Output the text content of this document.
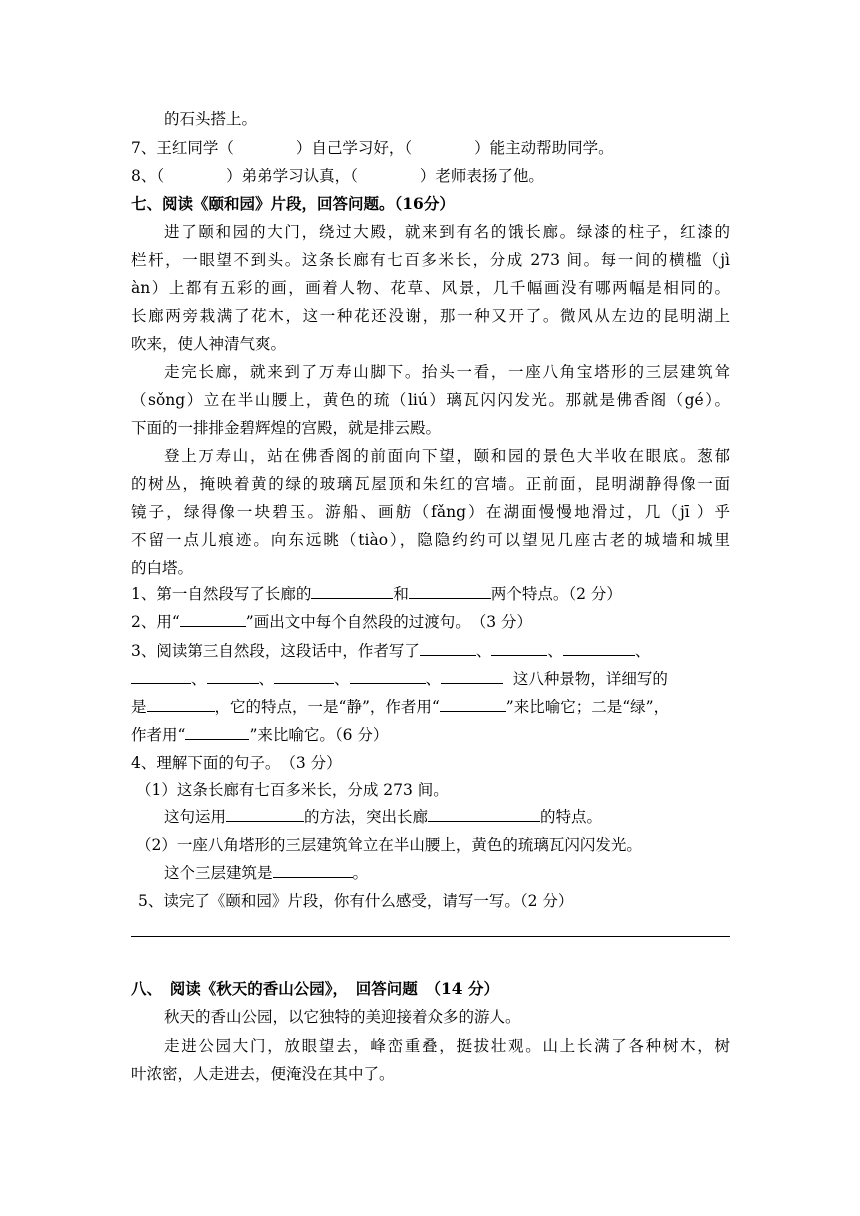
的石头搭上。
7、王红同学（　　　　）自己学习好，（　　　　）能主动帮助同学。
8、（　　　　）弟弟学习认真，（　　　　）老师表扬了他。
七、阅读《颐和园》片段，回答问题。（16分）
进了颐和园的大门，绕过大殿，就来到有名的饿长廊。绿漆的柱子，红漆的
栏杆，一眼望不到头。这条长廊有七百多米长，分成 273 间。每一间的横槛（jì
àn）上都有五彩的画，画着人物、花草、风景，几千幅画没有哪两幅是相同的。
长廊两旁栽满了花木，这一种花还没谢，那一种又开了。微风从左边的昆明湖上
吹来，使人神清气爽。
走完长廊，就来到了万寿山脚下。抬头一看，一座八角宝塔形的三层建筑耸
（sǒng）立在半山腰上，黄色的琉（liú）璃瓦闪闪发光。那就是佛香阁（gé）。
下面的一排排金碧辉煌的宫殿，就是排云殿。
登上万寿山，站在佛香阁的前面向下望，颐和园的景色大半收在眼底。葱郁
的树丛，掩映着黄的绿的玻璃瓦屋顶和朱红的宫墙。正前面，昆明湖静得像一面
镜子，绿得像一块碧玉。游船、画舫（fǎng）在湖面慢慢地滑过，几（jī ）乎
不留一点儿痕迹。向东远眺（tiào），隐隐约约可以望见几座古老的城墙和城里
的白塔。
1、第一自然段写了长廊的	和	两个特点。（2 分）
2、用“	”画出文中每个自然段的过渡句。　（3 分）
3、阅读第三自然段，这段话中，作者写了	、	、	、
、	、	、	、	这八种景物，详细写的
是	，它的特点，一是“静”，作者用“	”来比喻它；二是“绿”，
作者用“	”来比喻它。（6 分）
4、理解下面的句子。　（3 分）
（1）这条长廊有七百多米长，分成 273 间。
这句运用	的方法，突出长廊	的特点。
（2）一座八角塔形的三层建筑耸立在半山腰上，黄色的琉璃瓦闪闪发光。
这个三层建筑是	。
5、读完了《颐和园》片段，你有什么感受，请写一写。（2 分）
八、　阅读《秋天的香山公园》，　回答问题　（14 分）
秋天的香山公园，以它独特的美迎接着众多的游人。
走进公园大门，放眼望去，峰峦重叠，挺拔壮观。山上长满了各种树木，树
叶浓密，人走进去，便淹没在其中了。
